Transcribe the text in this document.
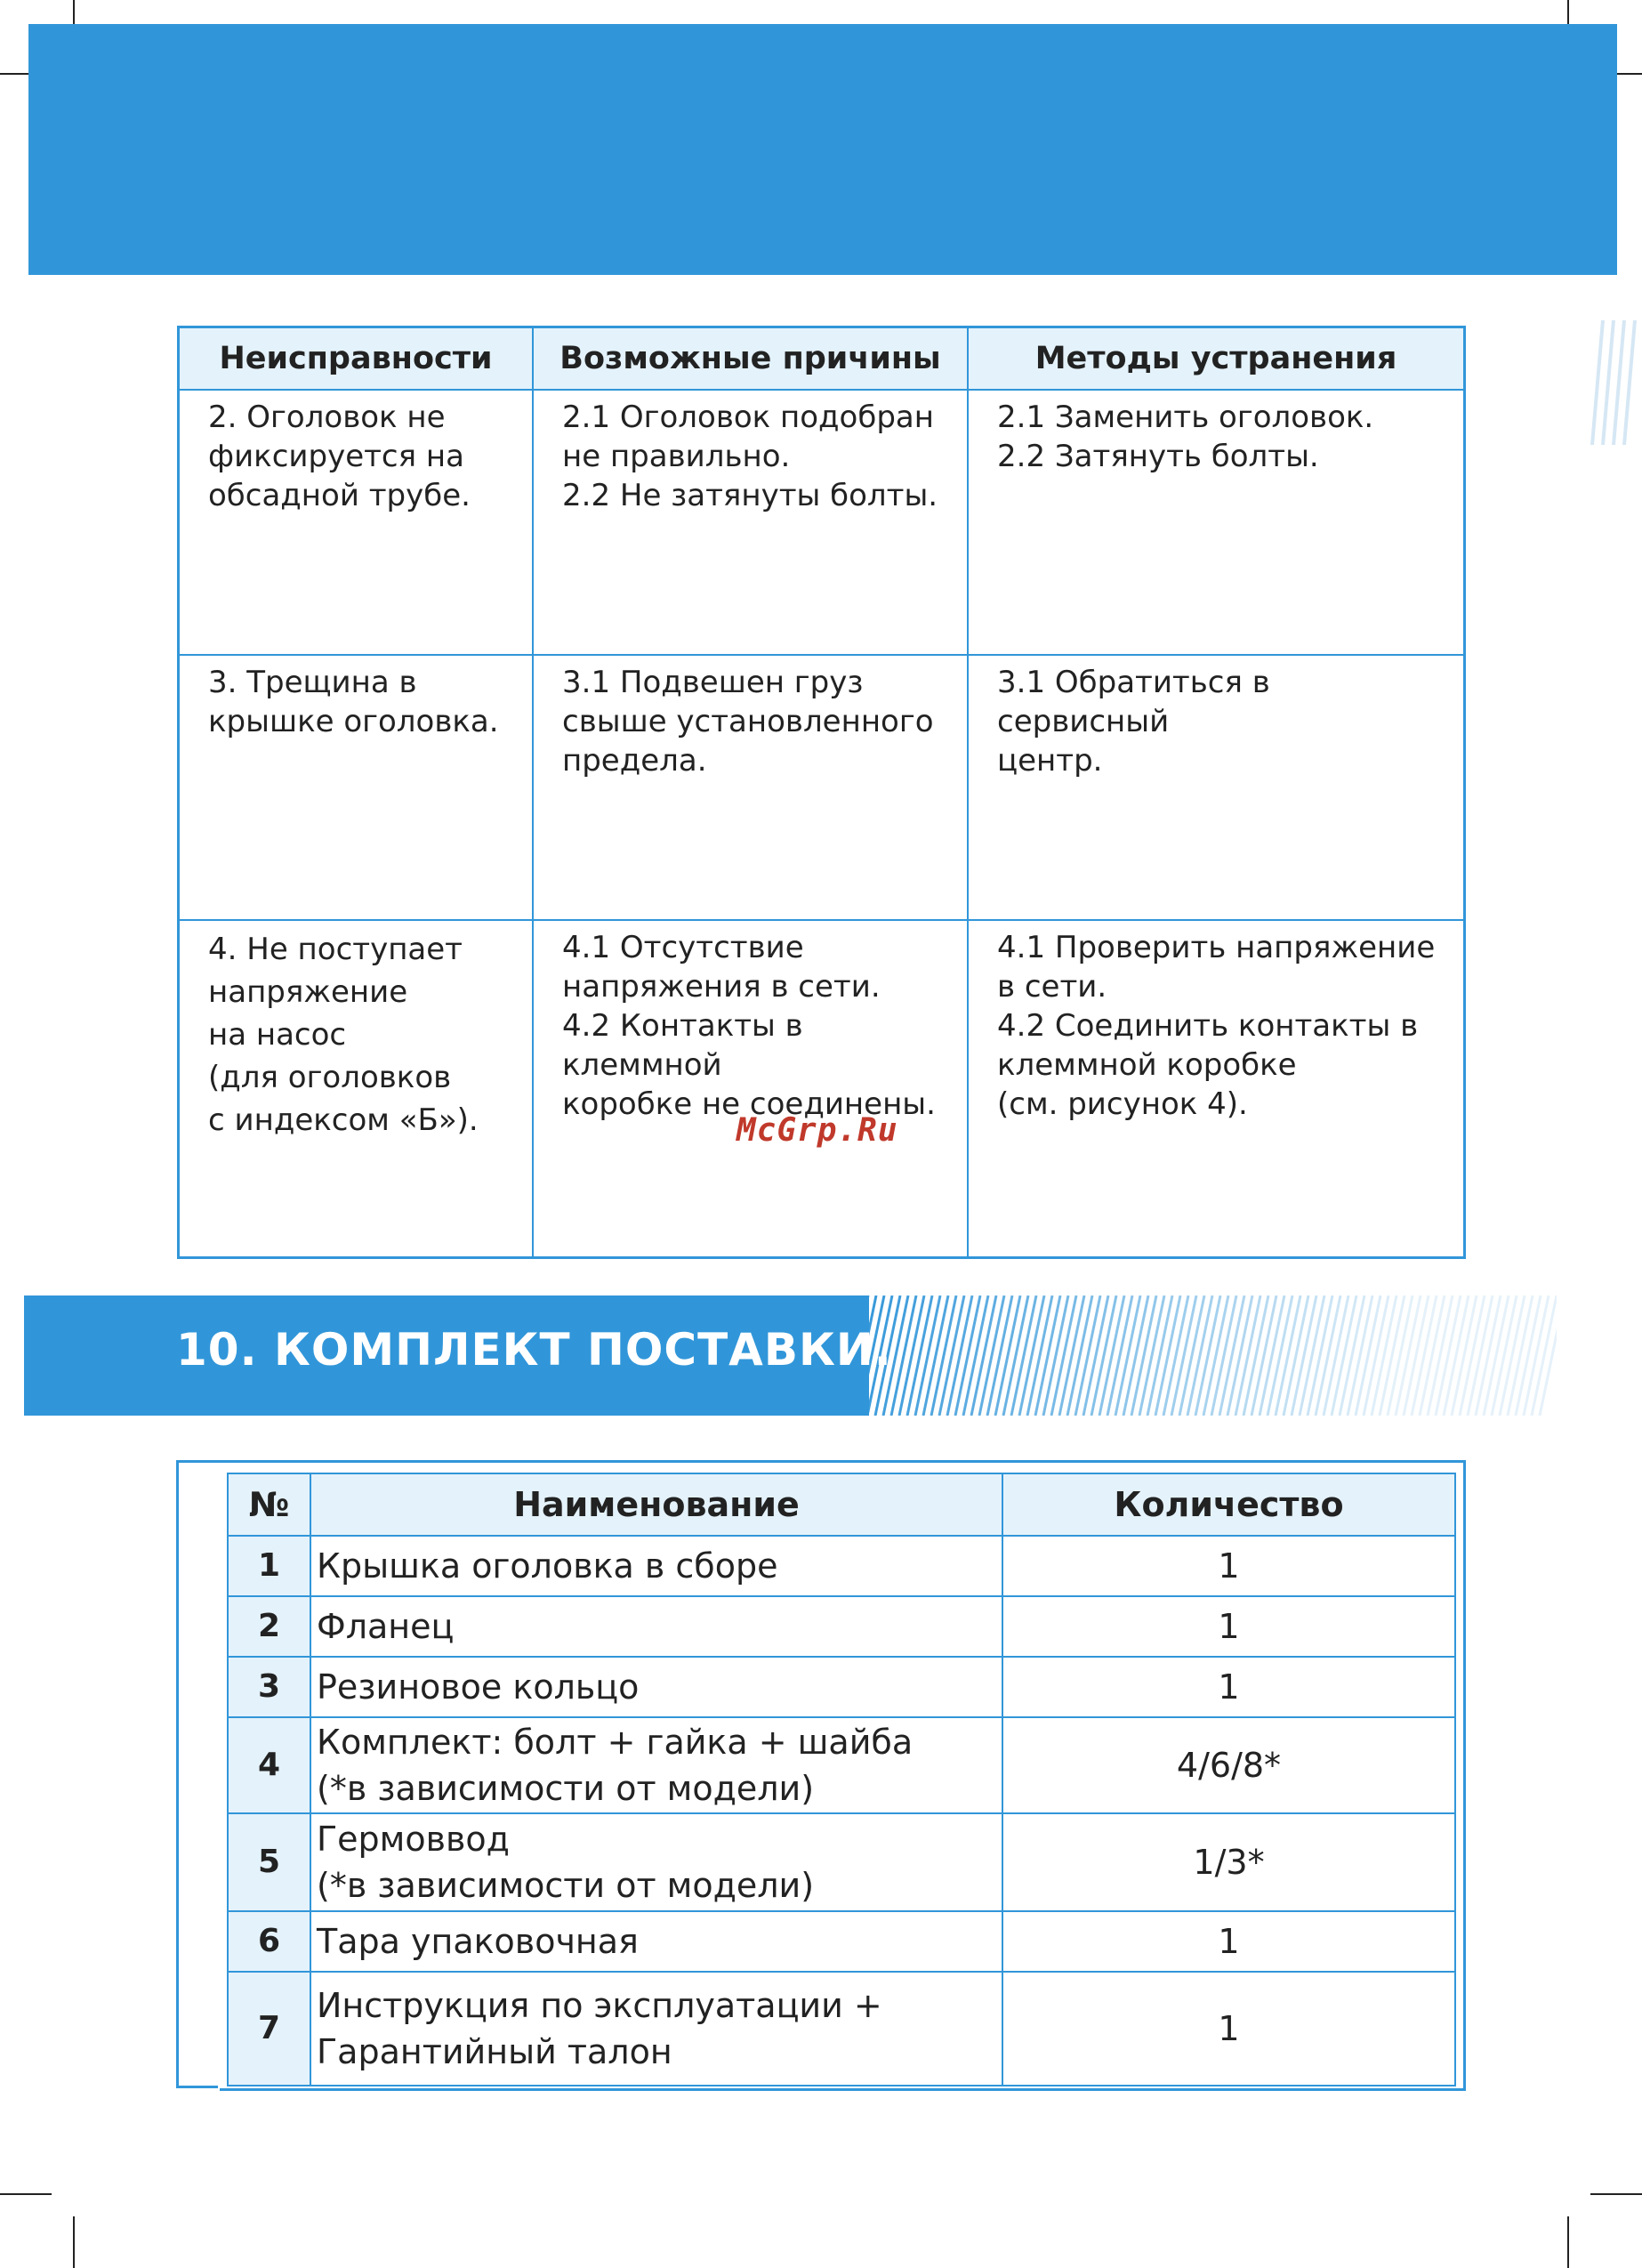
Неисправности	Возможные причины	Методы устранения
2. Оголовок не
фиксируется на
обсадной трубе.	2.1 Оголовок подобран
не правильно.
2.2 Не затянуты болты.	2.1 Заменить оголовок.
2.2 Затянуть болты.
3. Трещина в
крышке оголовка.	3.1 Подвешен груз
свыше установленного
предела.	3.1 Обратиться в сервисный
центр.
4. Не поступает
напряжение
на насос
(для оголовков
с индексом «Б»).	4.1 Отсутствие
напряжения в сети.
4.2 Контакты в клеммной
коробке не соединены.	4.1 Проверить напряжение
в сети.
4.2 Соединить контакты в
клеммной коробке
(см. рисунок 4).
McGrp.Ru
10. КОМПЛЕКТ ПОСТАВКИ.
№	Наименование	Количество
1	Крышка оголовка в сборе	1
2	Фланец	1
3	Резиновое кольцо	1
4	Комплект: болт + гайка + шайба
(*в зависимости от модели)	4/6/8*
5	Гермоввод
(*в зависимости от модели)	1/3*
6	Тара упаковочная	1
7	Инструкция по эксплуатации +
Гарантийный талон	1
